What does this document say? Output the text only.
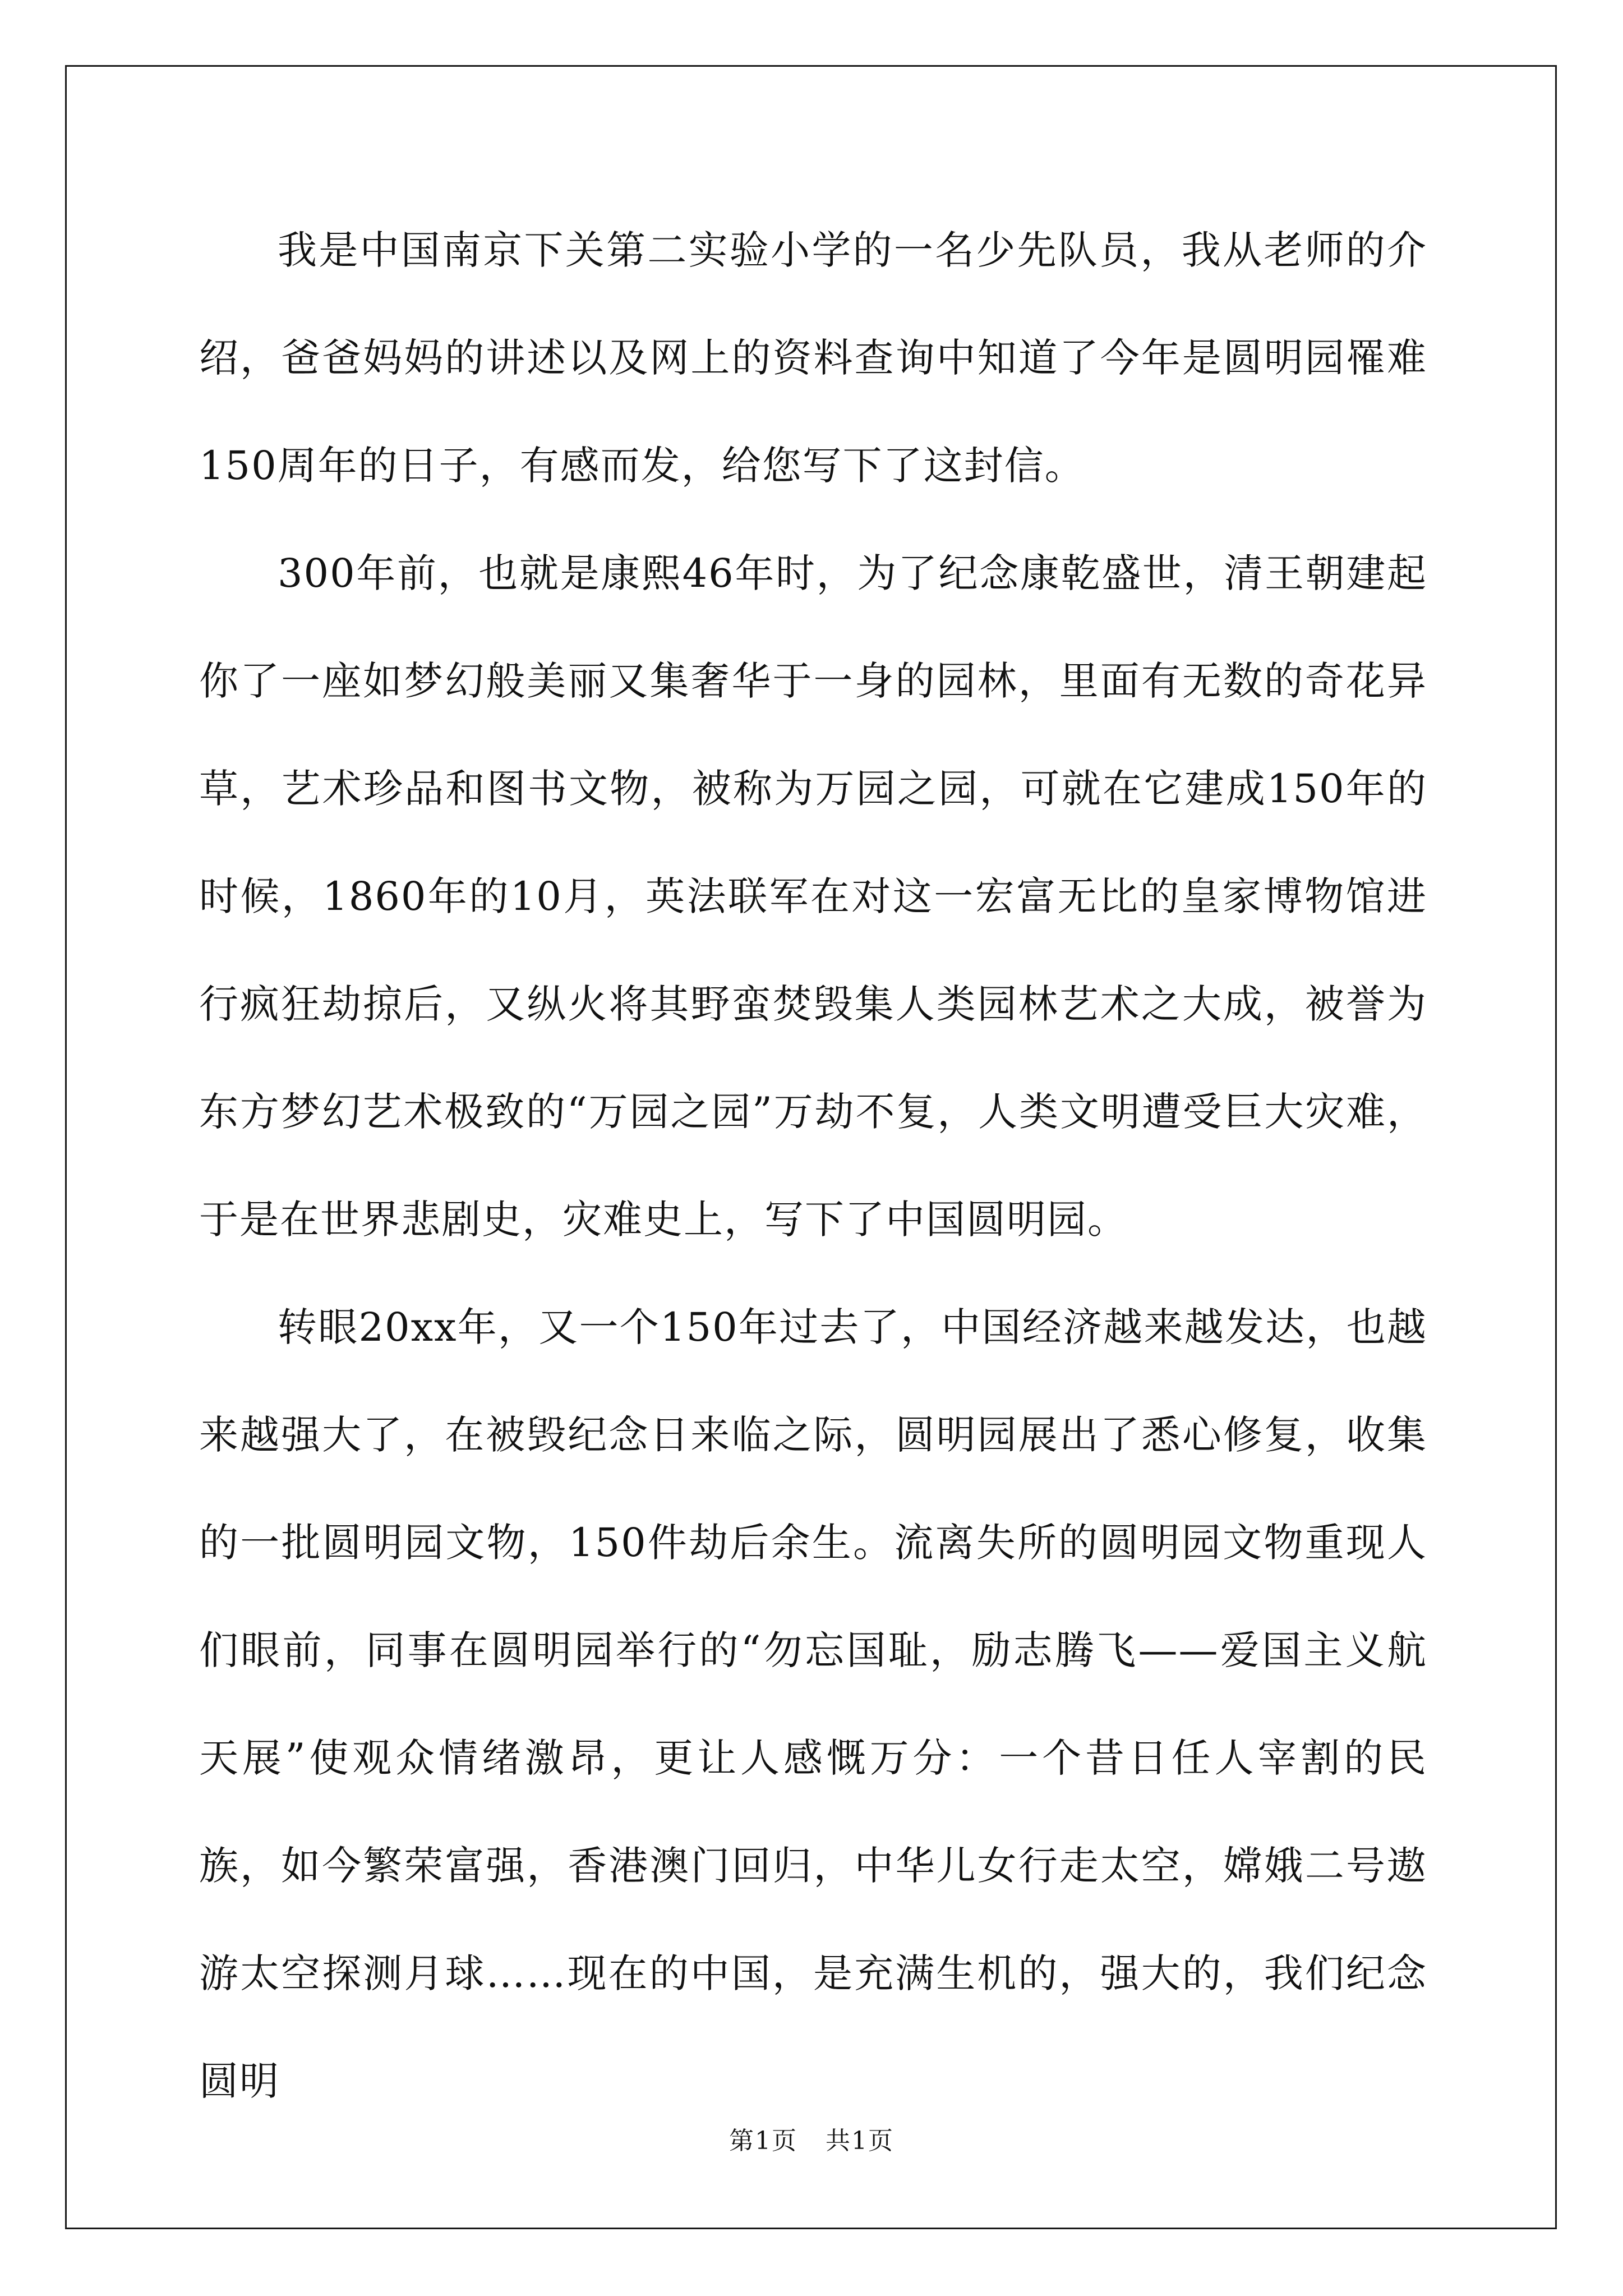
我是中国南京下关第二实验小学的一名少先队员，我从老师的介绍，爸爸妈妈的讲述以及网上的资料查询中知道了今年是圆明园罹难150周年的日子，有感而发，给您写下了这封信。

300年前，也就是康熙46年时，为了纪念康乾盛世，清王朝建起你了一座如梦幻般美丽又集奢华于一身的园林，里面有无数的奇花异草，艺术珍品和图书文物，被称为万园之园，可就在它建成150年的时候，1860年的10月，英法联军在对这一宏富无比的皇家博物馆进行疯狂劫掠后，又纵火将其野蛮焚毁集人类园林艺术之大成，被誉为东方梦幻艺术极致的“万园之园”万劫不复，人类文明遭受巨大灾难，于是在世界悲剧史，灾难史上，写下了中国圆明园。

转眼20xx年，又一个150年过去了，中国经济越来越发达，也越来越强大了，在被毁纪念日来临之际，圆明园展出了悉心修复，收集的一批圆明园文物，150件劫后余生。流离失所的圆明园文物重现人们眼前，同事在圆明园举行的“勿忘国耻，励志腾飞——爱国主义航天展”使观众情绪激昂，更让人感慨万分：一个昔日任人宰割的民族，如今繁荣富强，香港澳门回归，中华儿女行走太空，嫦娥二号遨游太空探测月球……现在的中国，是充满生机的，强大的，我们纪念圆明

第1页 共1页
